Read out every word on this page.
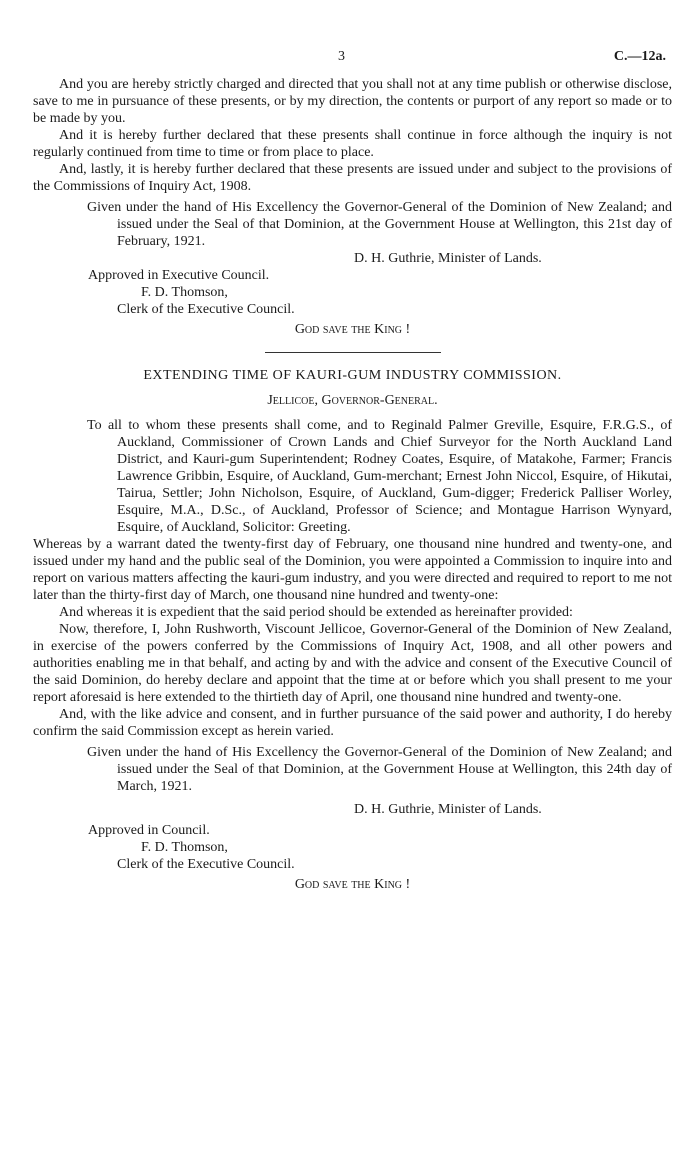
3	C.—12a.

And you are hereby strictly charged and directed that you shall not at any time publish or otherwise disclose, save to me in pursuance of these presents, or by my direction, the contents or purport of any report so made or to be made by you.

And it is hereby further declared that these presents shall continue in force although the inquiry is not regularly continued from time to time or from place to place.

And, lastly, it is hereby further declared that these presents are issued under and subject to the provisions of the Commissions of Inquiry Act, 1908.

Given under the hand of His Excellency the Governor-General of the Dominion of New Zealand; and issued under the Seal of that Dominion, at the Government House at Wellington, this 21st day of February, 1921.

D. H. Guthrie, Minister of Lands.

Approved in Executive Council.

F. D. Thomson,

Clerk of the Executive Council.

God save the King !

EXTENDING TIME OF KAURI-GUM INDUSTRY COMMISSION.

Jellicoe, Governor-General.

To all to whom these presents shall come, and to Reginald Palmer Greville, Esquire, F.R.G.S., of Auckland, Commissioner of Crown Lands and Chief Surveyor for the North Auckland Land District, and Kauri-gum Superintendent; Rodney Coates, Esquire, of Matakohe, Farmer; Francis Lawrence Gribbin, Esquire, of Auckland, Gum-merchant; Ernest John Niccol, Esquire, of Hikutai, Tairua, Settler; John Nicholson, Esquire, of Auckland, Gum-digger; Frederick Palliser Worley, Esquire, M.A., D.Sc., of Auckland, Professor of Science; and Montague Harrison Wynyard, Esquire, of Auckland, Solicitor: Greeting.

Whereas by a warrant dated the twenty-first day of February, one thousand nine hundred and twenty-one, and issued under my hand and the public seal of the Dominion, you were appointed a Commission to inquire into and report on various matters affecting the kauri-gum industry, and you were directed and required to report to me not later than the thirty-first day of March, one thousand nine hundred and twenty-one:

And whereas it is expedient that the said period should be extended as hereinafter provided:

Now, therefore, I, John Rushworth, Viscount Jellicoe, Governor-General of the Dominion of New Zealand, in exercise of the powers conferred by the Commissions of Inquiry Act, 1908, and all other powers and authorities enabling me in that behalf, and acting by and with the advice and consent of the Executive Council of the said Dominion, do hereby declare and appoint that the time at or before which you shall present to me your report aforesaid is here extended to the thirtieth day of April, one thousand nine hundred and twenty-one.

And, with the like advice and consent, and in further pursuance of the said power and authority, I do hereby confirm the said Commission except as herein varied.

Given under the hand of His Excellency the Governor-General of the Dominion of New Zealand; and issued under the Seal of that Dominion, at the Government House at Wellington, this 24th day of March, 1921.

D. H. Guthrie, Minister of Lands.

Approved in Council.

F. D. Thomson,

Clerk of the Executive Council.

God save the King !
